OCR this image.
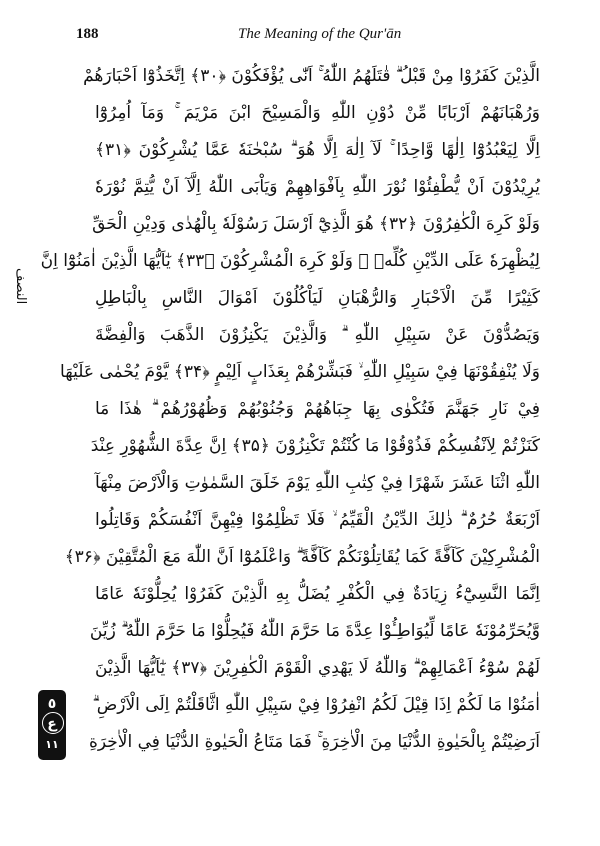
188	The Meaning of the Qur'ān
النصف
٥
ع
١١
الَّذِيْنَ كَفَرُوْا مِنْ قَبْلُ ۗ قٰتَلَهُمُ اللّٰهُ ۚ اَنّٰى يُؤْفَكُوْنَ ﴿۳۰﴾ اِتَّخَذُوْٓا اَحْبَارَهُمْ
وَرُهْبَانَهُمْ اَرْبَابًا مِّنْ دُوْنِ اللّٰهِ وَالْمَسِيْحَ ابْنَ مَرْيَمَ ۚ وَمَآ اُمِرُوْٓا
اِلَّا لِيَعْبُدُوْٓا اِلٰهًا وَّاحِدًا ۚ لَآ اِلٰهَ اِلَّا هُوَ ۗ سُبْحٰنَهٗ عَمَّا يُشْرِكُوْنَ ﴿۳۱﴾
يُرِيْدُوْنَ اَنْ يُّطْفِئُوْا نُوْرَ اللّٰهِ بِاَفْوَاهِهِمْ وَيَاْبَى اللّٰهُ اِلَّآ اَنْ يُّتِمَّ نُوْرَهٗ
وَلَوْ كَرِهَ الْكٰفِرُوْنَ ﴿۳۲﴾ هُوَ الَّذِيْٓ اَرْسَلَ رَسُوْلَهٗ بِالْهُدٰى وَدِيْنِ الْحَقِّ
لِيُظْهِرَهٗ عَلَى الدِّيْنِ كُلِّهٖ ۙ وَلَوْ كَرِهَ الْمُشْرِكُوْنَ ﴿۳۳﴾ يٰٓاَيُّهَا الَّذِيْنَ اٰمَنُوْٓا اِنَّ
كَثِيْرًا مِّنَ الْاَحْبَارِ وَالرُّهْبَانِ لَيَاْكُلُوْنَ اَمْوَالَ النَّاسِ بِالْبَاطِلِ
وَيَصُدُّوْنَ عَنْ سَبِيْلِ اللّٰهِ ۗ وَالَّذِيْنَ يَكْنِزُوْنَ الذَّهَبَ وَالْفِضَّةَ
وَلَا يُنْفِقُوْنَهَا فِيْ سَبِيْلِ اللّٰهِ ۙ فَبَشِّرْهُمْ بِعَذَابٍ اَلِيْمٍ ﴿۳۴﴾ يَّوْمَ يُحْمٰى عَلَيْهَا
فِيْ نَارِ جَهَنَّمَ فَتُكْوٰى بِهَا جِبَاهُهُمْ وَجُنُوْبُهُمْ وَظُهُوْرُهُمْ ۗ هٰذَا مَا
كَنَزْتُمْ لِاَنْفُسِكُمْ فَذُوْقُوْا مَا كُنْتُمْ تَكْنِزُوْنَ ﴿۳۵﴾ اِنَّ عِدَّةَ الشُّهُوْرِ عِنْدَ
اللّٰهِ اثْنَا عَشَرَ شَهْرًا فِيْ كِتٰبِ اللّٰهِ يَوْمَ خَلَقَ السَّمٰوٰتِ وَالْاَرْضَ مِنْهَآ
اَرْبَعَةٌ حُرُمٌ ۗ ذٰلِكَ الدِّيْنُ الْقَيِّمُ ۙ فَلَا تَظْلِمُوْا فِيْهِنَّ اَنْفُسَكُمْ وَقَاتِلُوا
الْمُشْرِكِيْنَ كَآفَّةً كَمَا يُقَاتِلُوْنَكُمْ كَآفَّةً ۗ وَاعْلَمُوْٓا اَنَّ اللّٰهَ مَعَ الْمُتَّقِيْنَ ﴿۳۶﴾
اِنَّمَا النَّسِيْٓءُ زِيَادَةٌ فِي الْكُفْرِ يُضَلُّ بِهِ الَّذِيْنَ كَفَرُوْا يُحِلُّوْنَهٗ عَامًا
وَّيُحَرِّمُوْنَهٗ عَامًا لِّيُوَاطِـُٔوْا عِدَّةَ مَا حَرَّمَ اللّٰهُ فَيُحِلُّوْا مَا حَرَّمَ اللّٰهُ ۗ زُيِّنَ
لَهُمْ سُوْٓءُ اَعْمَالِهِمْ ۗ وَاللّٰهُ لَا يَهْدِي الْقَوْمَ الْكٰفِرِيْنَ ﴿۳۷﴾ يٰٓاَيُّهَا الَّذِيْنَ
اٰمَنُوْا مَا لَكُمْ اِذَا قِيْلَ لَكُمُ انْفِرُوْا فِيْ سَبِيْلِ اللّٰهِ اثَّاقَلْتُمْ اِلَى الْاَرْضِ ۗ
اَرَضِيْتُمْ بِالْحَيٰوةِ الدُّنْيَا مِنَ الْاٰخِرَةِ ۚ فَمَا مَتَاعُ الْحَيٰوةِ الدُّنْيَا فِي الْاٰخِرَةِ
